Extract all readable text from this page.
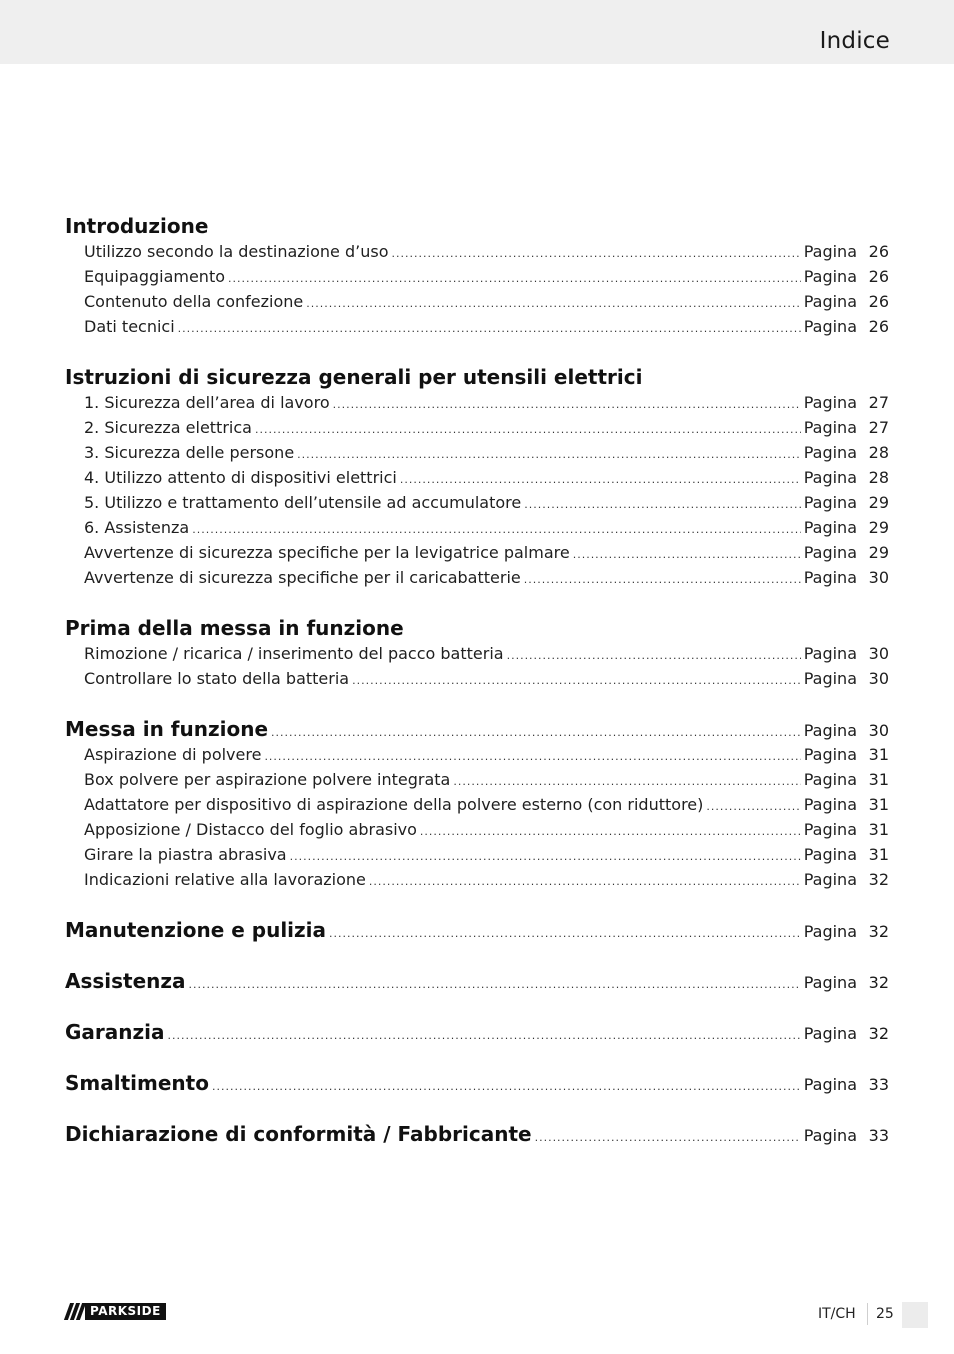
Indice
Introduzione
Utilizzo secondo la destinazione d’uso .....	Pagina 26
Equipaggiamento .....	Pagina 26
Contenuto della confezione .....	Pagina 26
Dati tecnici .....	Pagina 26
Istruzioni di sicurezza generali per utensili elettrici
1. Sicurezza dell’area di lavoro .....	Pagina 27
2. Sicurezza elettrica .....	Pagina 27
3. Sicurezza delle persone .....	Pagina 28
4. Utilizzo attento di dispositivi elettrici .....	Pagina 28
5. Utilizzo e trattamento dell’utensile ad accumulatore .....	Pagina 29
6. Assistenza .....	Pagina 29
Avvertenze di sicurezza specifiche per la levigatrice palmare .....	Pagina 29
Avvertenze di sicurezza specifiche per il caricabatterie .....	Pagina 30
Prima della messa in funzione
Rimozione / ricarica / inserimento del pacco batteria .....	Pagina 30
Controllare lo stato della batteria .....	Pagina 30
Messa in funzione .....	Pagina 30
Aspirazione di polvere .....	Pagina 31
Box polvere per aspirazione polvere integrata .....	Pagina 31
Adattatore per dispositivo di aspirazione della polvere esterno (con riduttore) .....	Pagina 31
Apposizione / Distacco del foglio abrasivo .....	Pagina 31
Girare la piastra abrasiva .....	Pagina 31
Indicazioni relative alla lavorazione .....	Pagina 32
Manutenzione e pulizia .....	Pagina 32
Assistenza .....	Pagina 32
Garanzia .....	Pagina 32
Smaltimento .....	Pagina 33
Dichiarazione di conformità / Fabbricante .....	Pagina 33
PARKSIDE	IT/CH 25
